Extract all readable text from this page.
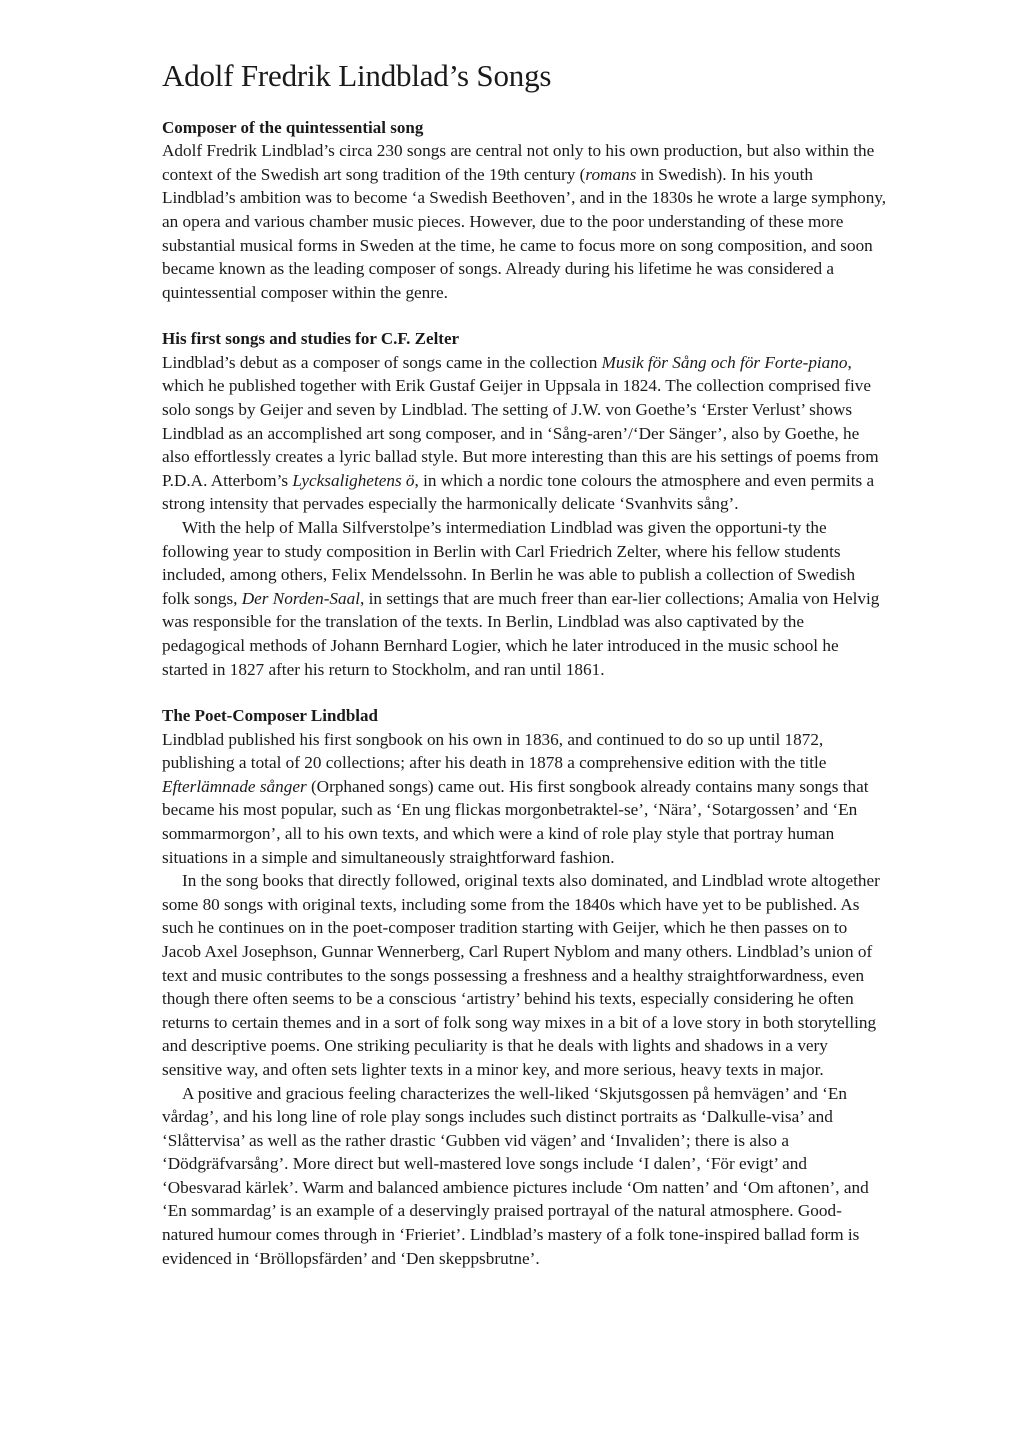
Adolf Fredrik Lindblad’s Songs
Composer of the quintessential song

Adolf Fredrik Lindblad’s circa 230 songs are central not only to his own production, but also within the context of the Swedish art song tradition of the 19th century (romans in Swedish). In his youth Lindblad’s ambition was to become ‘a Swedish Beethoven’, and in the 1830s he wrote a large symphony, an opera and various chamber music pieces. However, due to the poor understanding of these more substantial musical forms in Sweden at the time, he came to focus more on song composition, and soon became known as the leading composer of songs. Already during his lifetime he was considered a quintessential composer within the genre.

His first songs and studies for C.F. Zelter

Lindblad’s debut as a composer of songs came in the collection Musik för Sång och för Forte-piano, which he published together with Erik Gustaf Geijer in Uppsala in 1824. The collection comprised five solo songs by Geijer and seven by Lindblad. The setting of J.W. von Goethe’s ‘Erster Verlust’ shows Lindblad as an accomplished art song composer, and in ‘Sång-aren’/‘Der Sänger’, also by Goethe, he also effortlessly creates a lyric ballad style. But more interesting than this are his settings of poems from P.D.A. Atterbom’s Lycksalighetens ö, in which a nordic tone colours the atmosphere and even permits a strong intensity that pervades especially the harmonically delicate ‘Svanhvits sång’.

With the help of Malla Silfverstolpe’s intermediation Lindblad was given the opportuni-ty the following year to study composition in Berlin with Carl Friedrich Zelter, where his fellow students included, among others, Felix Mendelssohn. In Berlin he was able to publish a collection of Swedish folk songs, Der Norden-Saal, in settings that are much freer than ear-lier collections; Amalia von Helvig was responsible for the translation of the texts. In Berlin, Lindblad was also captivated by the pedagogical methods of Johann Bernhard Logier, which he later introduced in the music school he started in 1827 after his return to Stockholm, and ran until 1861.

The Poet-Composer Lindblad

Lindblad published his first songbook on his own in 1836, and continued to do so up until 1872, publishing a total of 20 collections; after his death in 1878 a comprehensive edition with the title Efterlämnade sånger (Orphaned songs) came out. His first songbook already contains many songs that became his most popular, such as ‘En ung flickas morgonbetraktel-se’, ‘Nära’, ‘Sotargossen’ and ‘En sommarmorgon’, all to his own texts, and which were a kind of role play style that portray human situations in a simple and simultaneously straightforward fashion.

In the song books that directly followed, original texts also dominated, and Lindblad wrote altogether some 80 songs with original texts, including some from the 1840s which have yet to be published. As such he continues on in the poet-composer tradition starting with Geijer, which he then passes on to Jacob Axel Josephson, Gunnar Wennerberg, Carl Rupert Nyblom and many others. Lindblad’s union of text and music contributes to the songs possessing a freshness and a healthy straightforwardness, even though there often seems to be a conscious ‘artistry’ behind his texts, especially considering he often returns to certain themes and in a sort of folk song way mixes in a bit of a love story in both storytelling and descriptive poems. One striking peculiarity is that he deals with lights and shadows in a very sensitive way, and often sets lighter texts in a minor key, and more serious, heavy texts in major.

A positive and gracious feeling characterizes the well-liked ‘Skjutsgossen på hemvägen’ and ‘En vårdag’, and his long line of role play songs includes such distinct portraits as ‘Dalkulle-visa’ and ‘Slåttervisa’ as well as the rather drastic ‘Gubben vid vägen’ and ‘Invaliden’; there is also a ‘Dödgräfvarsång’. More direct but well-mastered love songs include ‘I dalen’, ‘För evigt’ and ‘Obesvarad kärlek’. Warm and balanced ambience pictures include ‘Om natten’ and ‘Om aftonen’, and ‘En sommardag’ is an example of a deservingly praised portrayal of the natural atmosphere. Good-natured humour comes through in ‘Frieriet’. Lindblad’s mastery of a folk tone-inspired ballad form is evidenced in ‘Bröllopsfärden’ and ‘Den skeppsbrutne’.
